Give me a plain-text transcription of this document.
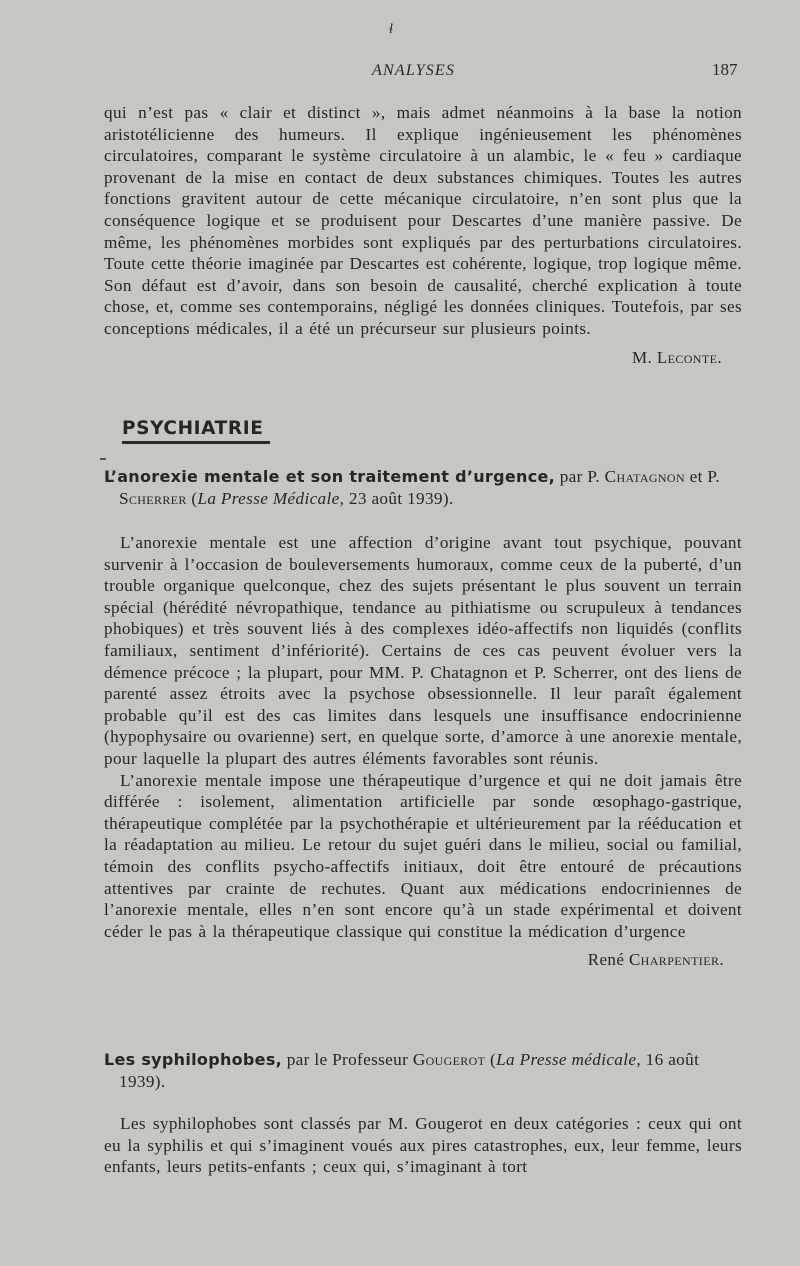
ɬ
ANALYSES	187

qui n’est pas « clair et distinct », mais admet néanmoins à la base la notion aristotélicienne des humeurs. Il explique ingénieusement les phénomènes circulatoires, comparant le système circulatoire à un alambic, le « feu » cardiaque provenant de la mise en contact de deux substances chimiques. Toutes les autres fonctions gravitent autour de cette mécanique circulatoire, n’en sont plus que la conséquence logique et se produisent pour Descartes d’une manière passive. De même, les phénomènes morbides sont expliqués par des perturbations circulatoires. Toute cette théorie imaginée par Descartes est cohérente, logique, trop logique même. Son défaut est d’avoir, dans son besoin de causalité, cherché explication à toute chose, et, comme ses contemporains, négligé les données cliniques. Toutefois, par ses conceptions médicales, il a été un précurseur sur plusieurs points.

M. Leconte.

PSYCHIATRIE

L’anorexie mentale et son traitement d’urgence, par P. Chatagnon et P. Scherrer (La Presse Médicale, 23 août 1939).

L’anorexie mentale est une affection d’origine avant tout psychique, pouvant survenir à l’occasion de bouleversements humoraux, comme ceux de la puberté, d’un trouble organique quelconque, chez des sujets présentant le plus souvent un terrain spécial (hérédité névropathique, tendance au pithiatisme ou scrupuleux à tendances phobiques) et très souvent liés à des complexes idéo-affectifs non liquidés (conflits familiaux, sentiment d’infériorité). Certains de ces cas peuvent évoluer vers la démence précoce ; la plupart, pour MM. P. Chatagnon et P. Scherrer, ont des liens de parenté assez étroits avec la psychose obsessionnelle. Il leur paraît également probable qu’il est des cas limites dans lesquels une insuffisance endocrinienne (hypophysaire ou ovarienne) sert, en quelque sorte, d’amorce à une anorexie mentale, pour laquelle la plupart des autres éléments favorables sont réunis.

L’anorexie mentale impose une thérapeutique d’urgence et qui ne doit jamais être différée : isolement, alimentation artificielle par sonde œsophago-gastrique, thérapeutique complétée par la psychothérapie et ultérieurement par la rééducation et la réadaptation au milieu. Le retour du sujet guéri dans le milieu, social ou familial, témoin des conflits psycho-affectifs initiaux, doit être entouré de précautions attentives par crainte de rechutes. Quant aux médications endocriniennes de l’anorexie mentale, elles n’en sont encore qu’à un stade expérimental et doivent céder le pas à la thérapeutique classique qui constitue la médication d’urgence

René Charpentier.

Les syphilophobes, par le Professeur Gougerot (La Presse médicale, 16 août 1939).

Les syphilophobes sont classés par M. Gougerot en deux catégories : ceux qui ont eu la syphilis et qui s’imaginent voués aux pires catastrophes, eux, leur femme, leurs enfants, leurs petits-enfants ; ceux qui, s’imaginant à tort
